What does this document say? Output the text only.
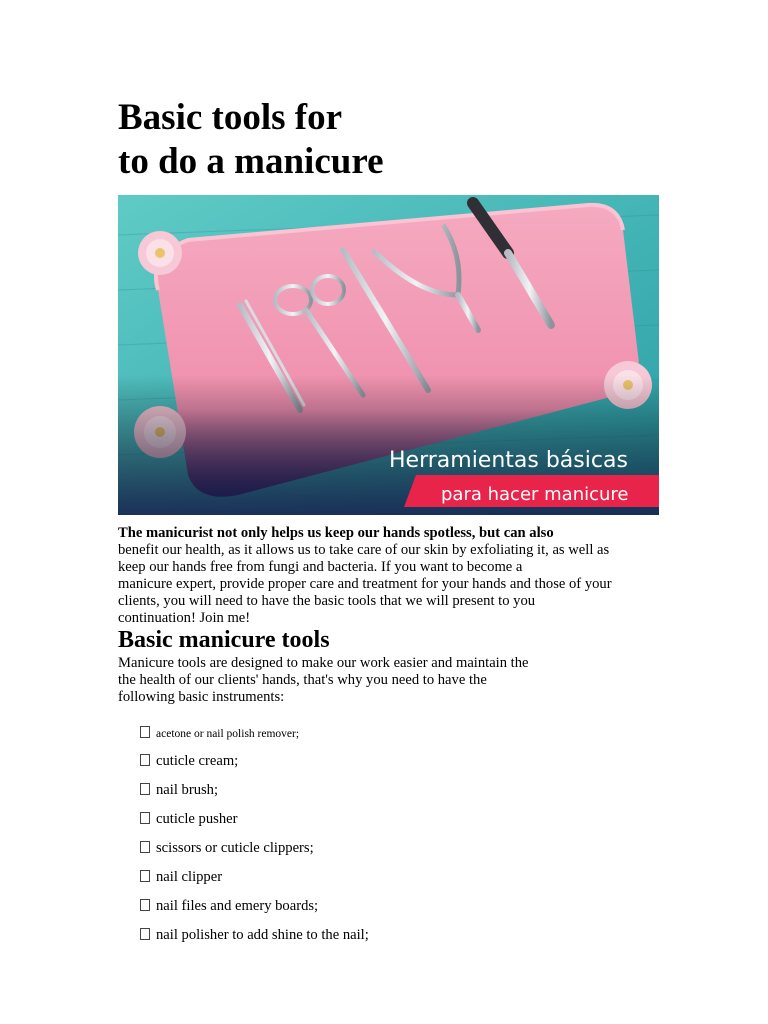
Basic tools for
to do a manicure
Herramientas básicas
para hacer manicure
The manicurist not only helps us keep our hands spotless, but can also
benefit our health, as it allows us to take care of our skin by exfoliating it, as well as
keep our hands free from fungi and bacteria. If you want to become a
manicure expert, provide proper care and treatment for your hands and those of your
clients, you will need to have the basic tools that we will present to you
continuation! Join me!
Basic manicure tools
Manicure tools are designed to make our work easier and maintain the
the health of our clients' hands, that's why you need to have the
following basic instruments:
acetone or nail polish remover;
cuticle cream;
nail brush;
cuticle pusher
scissors or cuticle clippers;
nail clipper
nail files and emery boards;
nail polisher to add shine to the nail;
